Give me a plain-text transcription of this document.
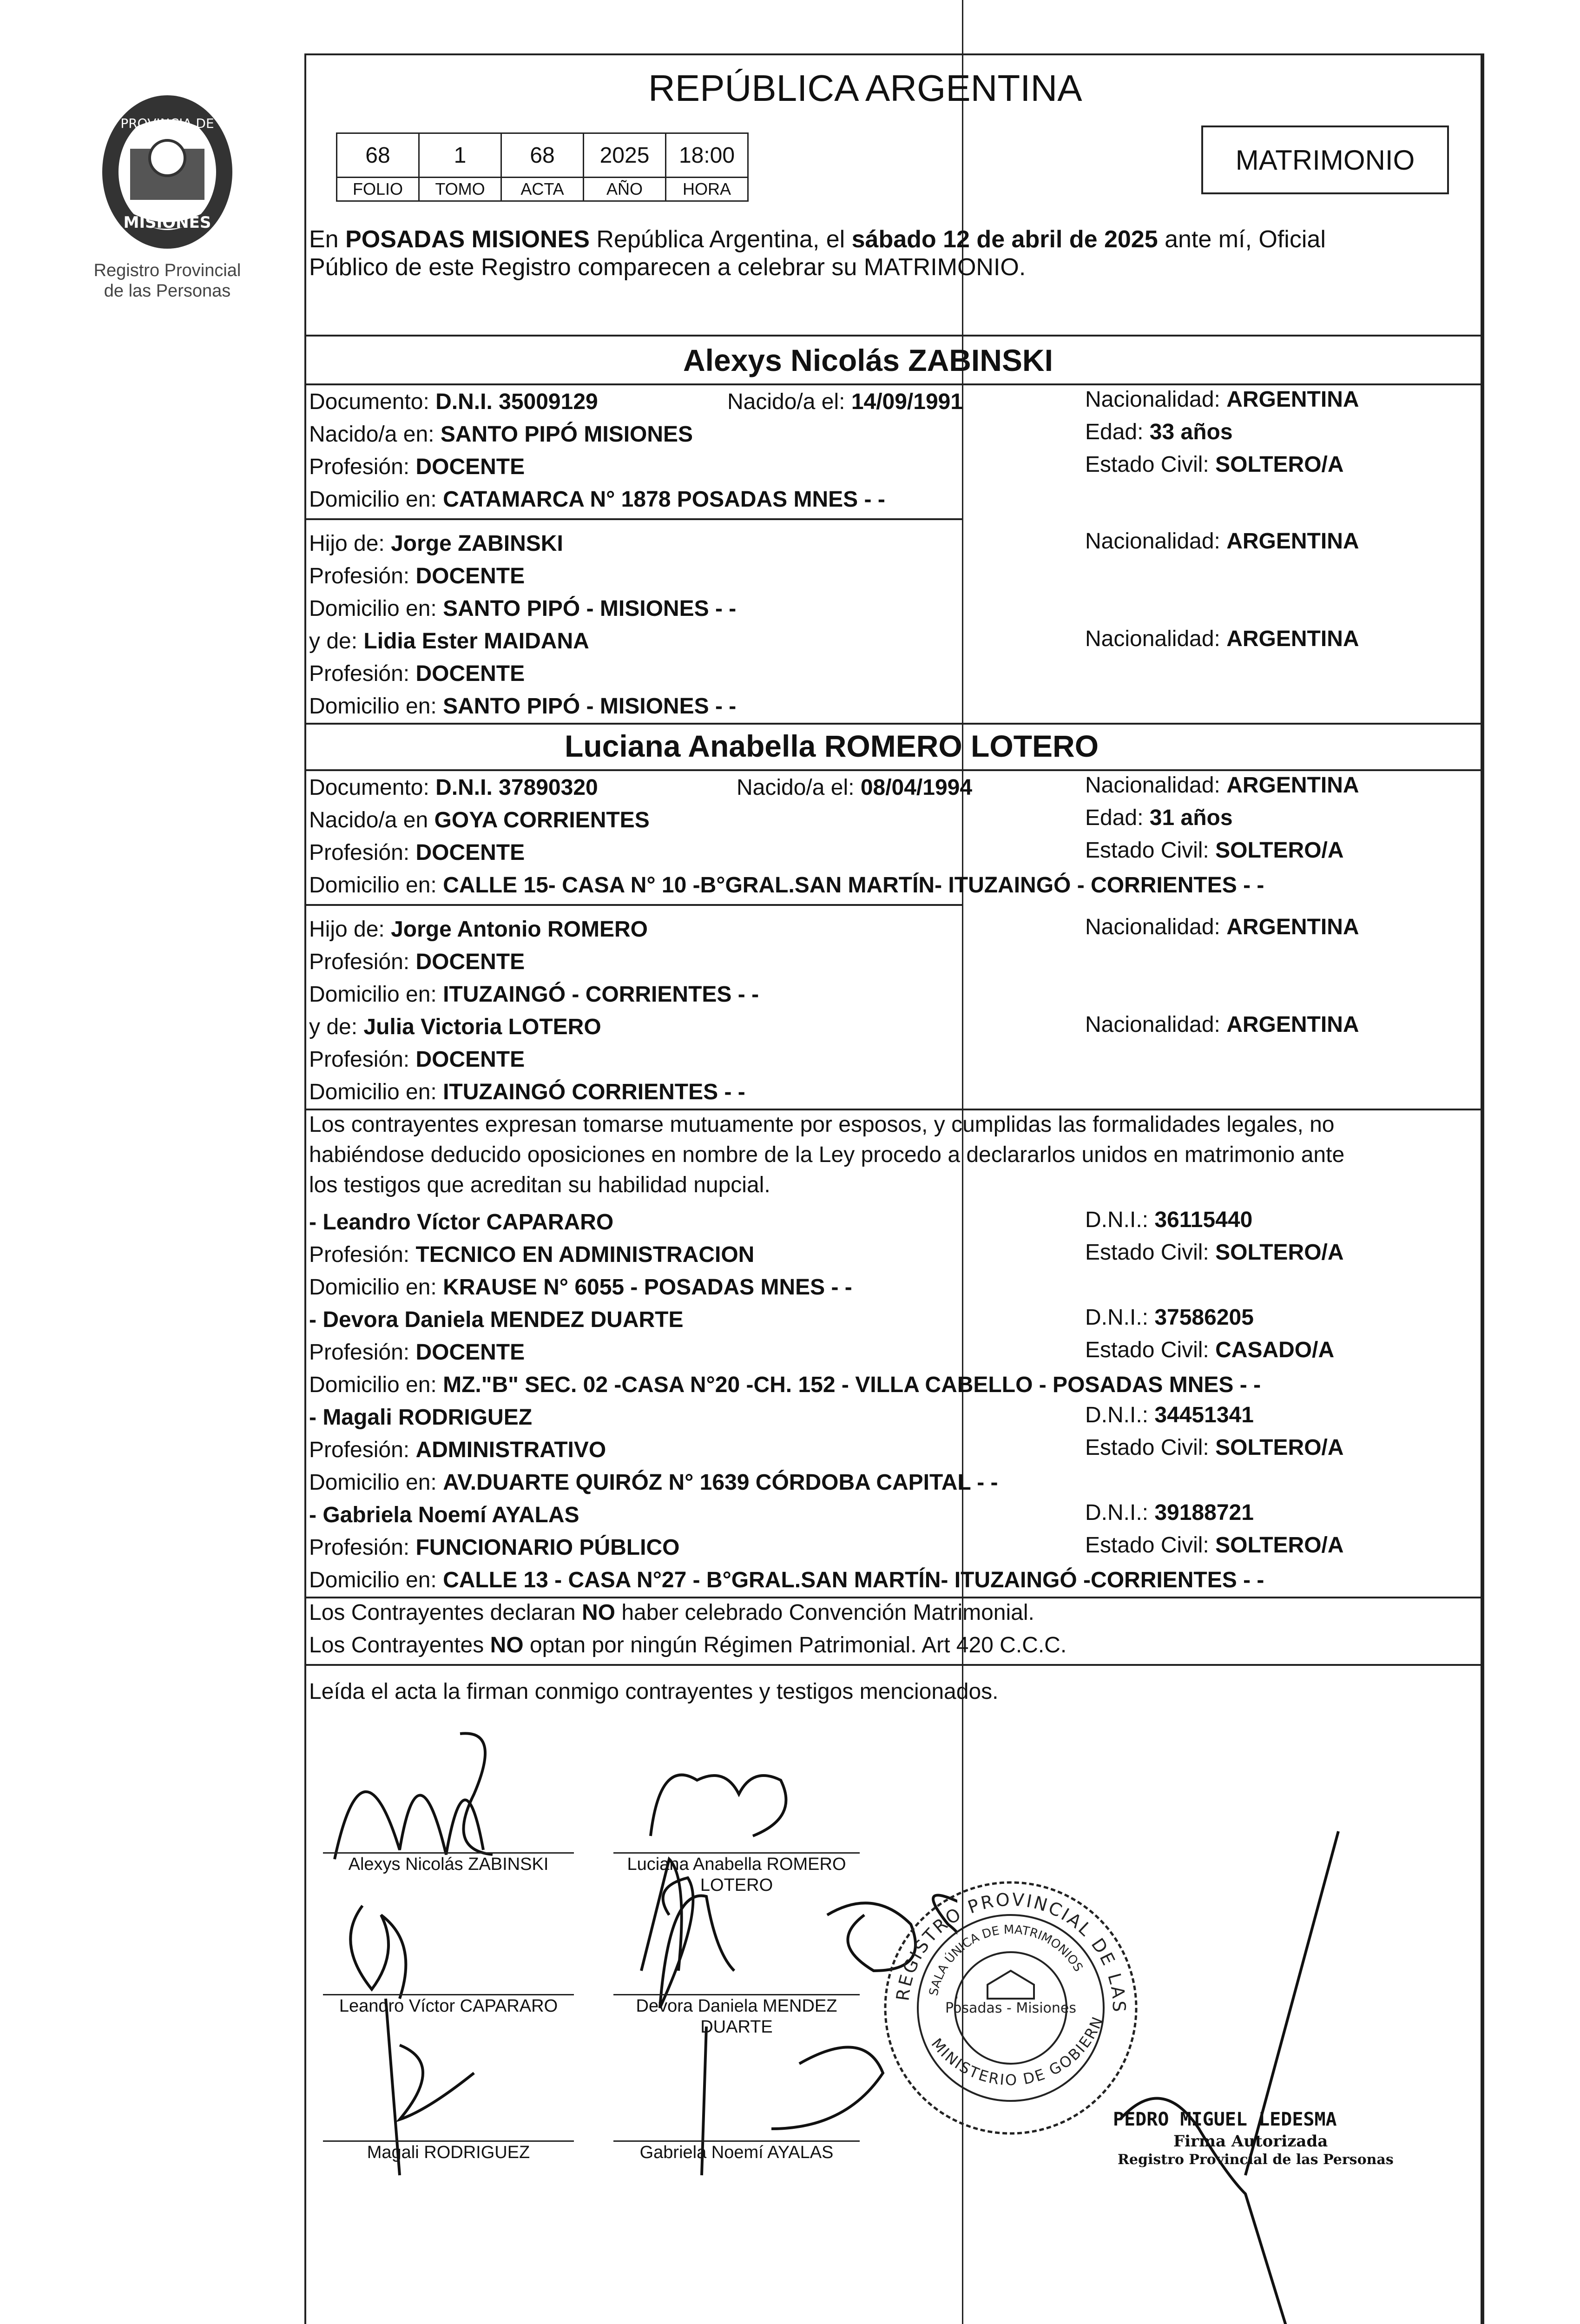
PROVINCIA DE
MISIONES
Registro Provincial
de las Personas
REPÚBLICA ARGENTINA
68	1	68	2025	18:00
FOLIO	TOMO	ACTA	AÑO	HORA
MATRIMONIO
En POSADAS MISIONES República Argentina, el sábado 12 de abril de 2025 ante mí, Oficial
Público de este Registro comparecen a celebrar su MATRIMONIO.
Alexys Nicolás ZABINSKI
Documento: D.N.I. 35009129	Nacido/a el: 14/09/1991	Nacionalidad: ARGENTINA
Nacido/a en: SANTO PIPÓ MISIONES	Edad: 33 años
Profesión: DOCENTE	Estado Civil: SOLTERO/A
Domicilio en: CATAMARCA N° 1878 POSADAS MNES - -
Hijo de: Jorge ZABINSKI	Nacionalidad: ARGENTINA
Profesión: DOCENTE
Domicilio en: SANTO PIPÓ - MISIONES - -
y de: Lidia Ester MAIDANA	Nacionalidad: ARGENTINA
Profesión: DOCENTE
Domicilio en: SANTO PIPÓ - MISIONES - -
Luciana Anabella ROMERO LOTERO
Documento: D.N.I. 37890320	Nacido/a el: 08/04/1994	Nacionalidad: ARGENTINA
Nacido/a en GOYA CORRIENTES	Edad: 31 años
Profesión: DOCENTE	Estado Civil: SOLTERO/A
Domicilio en: CALLE 15- CASA N° 10 -B°GRAL.SAN MARTÍN- ITUZAINGÓ - CORRIENTES - -
Hijo de: Jorge Antonio ROMERO	Nacionalidad: ARGENTINA
Profesión: DOCENTE
Domicilio en: ITUZAINGÓ - CORRIENTES - -
y de: Julia Victoria LOTERO	Nacionalidad: ARGENTINA
Profesión: DOCENTE
Domicilio en: ITUZAINGÓ CORRIENTES - -
Los contrayentes expresan tomarse mutuamente por esposos, y cumplidas las formalidades legales, no
habiéndose deducido oposiciones en nombre de la Ley procedo a declararlos unidos en matrimonio ante
los testigos que acreditan su habilidad nupcial.
- Leandro Víctor CAPARARO	D.N.I.: 36115440
Profesión: TECNICO EN ADMINISTRACION	Estado Civil: SOLTERO/A
Domicilio en: KRAUSE N° 6055 - POSADAS MNES - -
- Devora Daniela MENDEZ DUARTE	D.N.I.: 37586205
Profesión: DOCENTE	Estado Civil: CASADO/A
Domicilio en: MZ."B" SEC. 02 -CASA N°20 -CH. 152 - VILLA CABELLO - POSADAS MNES - -
- Magali RODRIGUEZ	D.N.I.: 34451341
Profesión: ADMINISTRATIVO	Estado Civil: SOLTERO/A
Domicilio en: AV.DUARTE QUIRÓZ N° 1639 CÓRDOBA CAPITAL - -
- Gabriela Noemí AYALAS	D.N.I.: 39188721
Profesión: FUNCIONARIO PÚBLICO	Estado Civil: SOLTERO/A
Domicilio en: CALLE 13 - CASA N°27 - B°GRAL.SAN MARTÍN- ITUZAINGÓ -CORRIENTES - -
Los Contrayentes declaran NO haber celebrado Convención Matrimonial.
Los Contrayentes NO optan por ningún Régimen Patrimonial. Art 420 C.C.C.
Leída el acta la firman conmigo contrayentes y testigos mencionados.
Alexys Nicolás ZABINSKI	Luciana Anabella ROMERO
LOTERO
Leandro Víctor CAPARARO	Devora Daniela MENDEZ
DUARTE
Magali RODRIGUEZ	Gabriela Noemí AYALAS
REGISTRO PROVINCIAL DE LAS
SALA ÚNICA DE MATRIMONIOS
MINISTERIO DE GOBIERN
Posadas - Misiones
PEDRO MIGUEL LEDESMA
Firma Autorizada
Registro Provincial de las Personas
